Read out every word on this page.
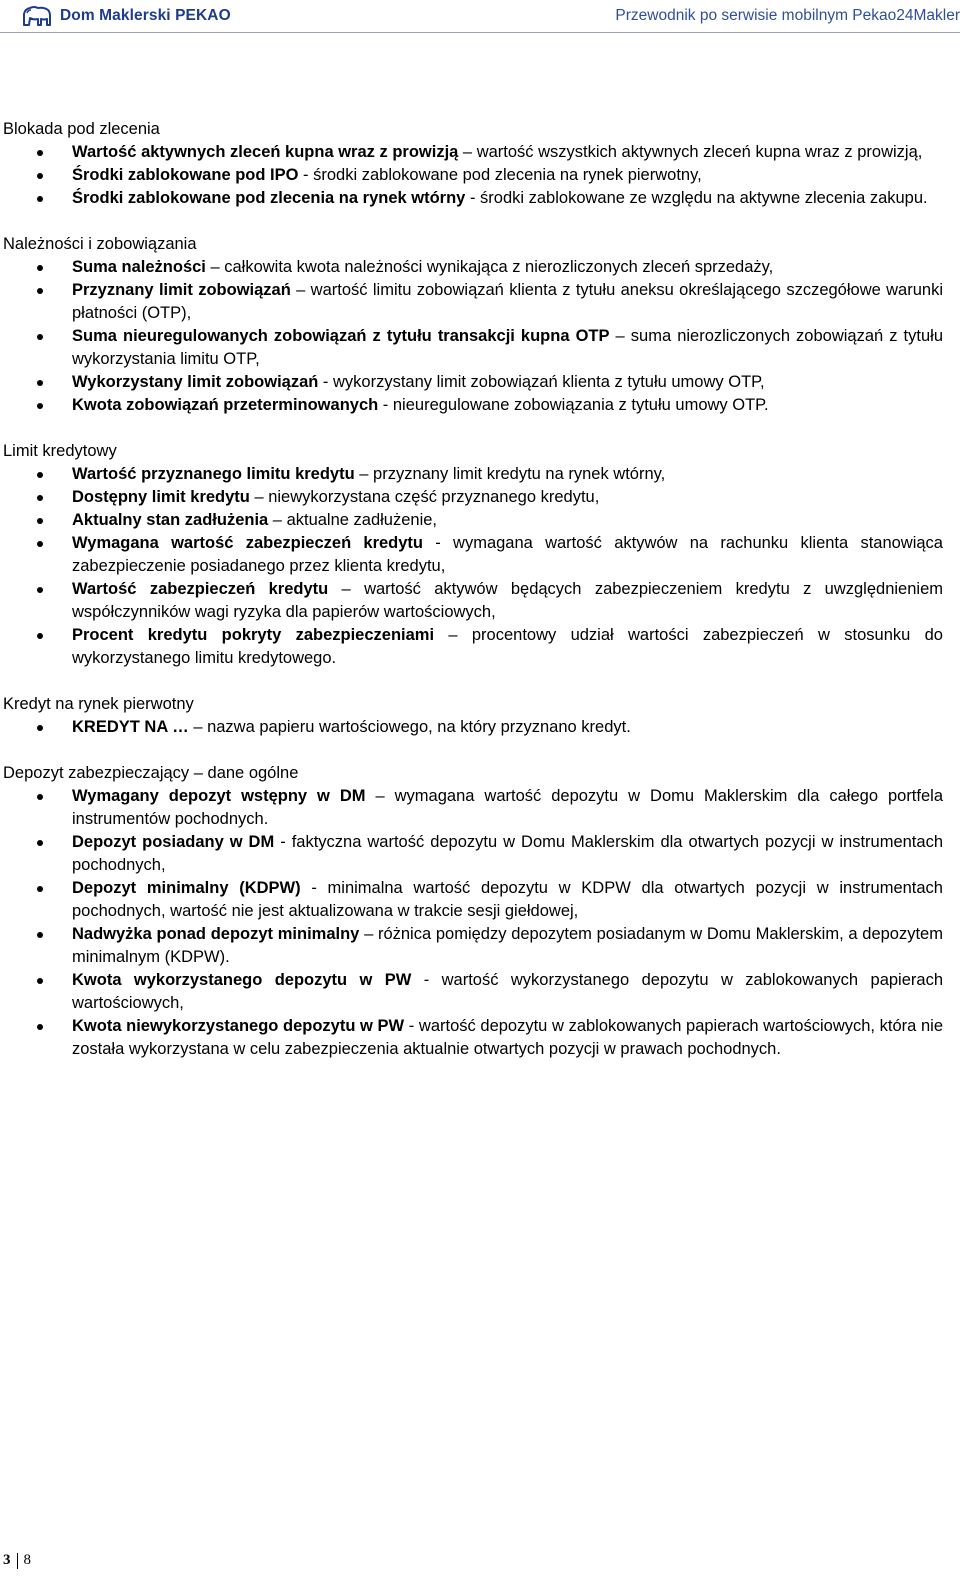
Dom Maklerski PEKAO	Przewodnik po serwisie mobilnym Pekao24Makler
Blokada pod zlecenia
Wartość aktywnych zleceń kupna wraz z prowizją – wartość wszystkich aktywnych zleceń kupna wraz z prowizją,
Środki zablokowane pod IPO - środki zablokowane pod zlecenia na rynek pierwotny,
Środki zablokowane pod zlecenia na rynek wtórny - środki zablokowane ze względu na aktywne zlecenia zakupu.
Należności i zobowiązania
Suma należności – całkowita kwota należności wynikająca z nierozliczonych zleceń sprzedaży,
Przyznany limit zobowiązań – wartość limitu zobowiązań klienta z tytułu aneksu określającego szczegółowe warunki płatności (OTP),
Suma nieuregulowanych zobowiązań z tytułu transakcji kupna OTP – suma nierozliczonych zobowiązań z tytułu wykorzystania limitu OTP,
Wykorzystany limit zobowiązań - wykorzystany limit zobowiązań klienta z tytułu umowy OTP,
Kwota zobowiązań przeterminowanych - nieuregulowane zobowiązania z tytułu umowy OTP.
Limit kredytowy
Wartość przyznanego limitu kredytu – przyznany limit kredytu na rynek wtórny,
Dostępny limit kredytu – niewykorzystana część przyznanego kredytu,
Aktualny stan zadłużenia – aktualne zadłużenie,
Wymagana wartość zabezpieczeń kredytu - wymagana wartość aktywów na rachunku klienta stanowiąca zabezpieczenie posiadanego przez klienta kredytu,
Wartość zabezpieczeń kredytu – wartość aktywów będących zabezpieczeniem kredytu z uwzględnieniem współczynników wagi ryzyka dla papierów wartościowych,
Procent kredytu pokryty zabezpieczeniami – procentowy udział wartości zabezpieczeń w stosunku do wykorzystanego limitu kredytowego.
Kredyt na rynek pierwotny
KREDYT NA … – nazwa papieru wartościowego, na który przyznano kredyt.
Depozyt zabezpieczający – dane ogólne
Wymagany depozyt wstępny w DM – wymagana wartość depozytu w Domu Maklerskim dla całego portfela instrumentów pochodnych.
Depozyt posiadany w DM - faktyczna wartość depozytu w Domu Maklerskim dla otwartych pozycji w instrumentach pochodnych,
Depozyt minimalny (KDPW) - minimalna wartość depozytu w KDPW dla otwartych pozycji w instrumentach pochodnych, wartość nie jest aktualizowana w trakcie sesji giełdowej,
Nadwyżka ponad depozyt minimalny – różnica pomiędzy depozytem posiadanym w Domu Maklerskim, a depozytem minimalnym (KDPW).
Kwota wykorzystanego depozytu w PW - wartość wykorzystanego depozytu w zablokowanych papierach wartościowych,
Kwota niewykorzystanego depozytu w PW - wartość depozytu w zablokowanych papierach wartościowych, która nie została wykorzystana w celu zabezpieczenia aktualnie otwartych pozycji w prawach pochodnych.
3 8
